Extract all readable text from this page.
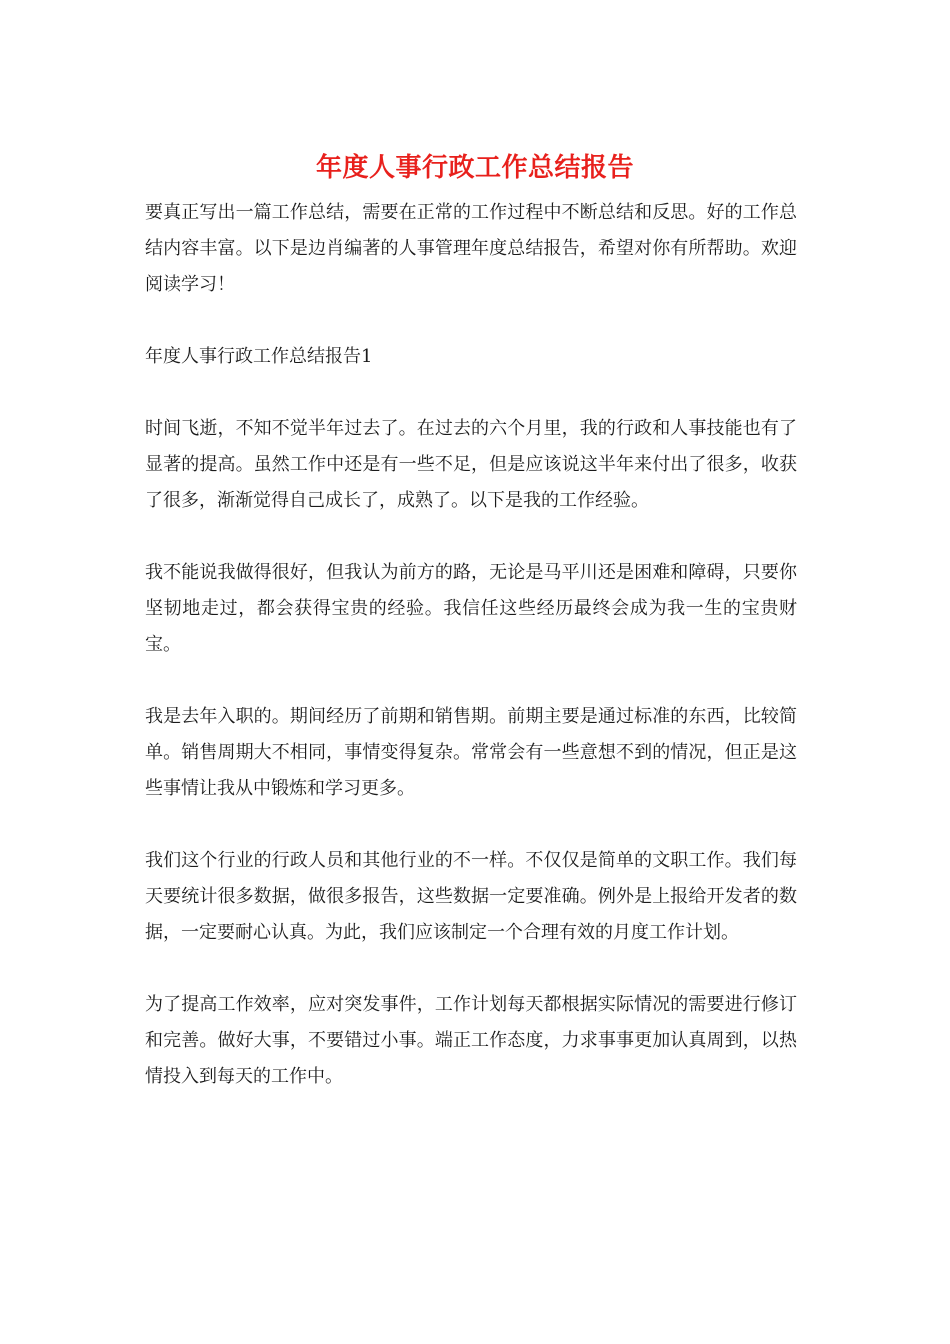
年度人事行政工作总结报告

要真正写出一篇工作总结，需要在正常的工作过程中不断总结和反思。好的工作总结内容丰富。以下是边肖编著的人事管理年度总结报告，希望对你有所帮助。欢迎阅读学习！

年度人事行政工作总结报告1

时间飞逝，不知不觉半年过去了。在过去的六个月里，我的行政和人事技能也有了显著的提高。虽然工作中还是有一些不足，但是应该说这半年来付出了很多，收获了很多，渐渐觉得自己成长了，成熟了。以下是我的工作经验。

我不能说我做得很好，但我认为前方的路，无论是马平川还是困难和障碍，只要你坚韧地走过，都会获得宝贵的经验。我信任这些经历最终会成为我一生的宝贵财宝。

我是去年入职的。期间经历了前期和销售期。前期主要是通过标准的东西，比较简单。销售周期大不相同，事情变得复杂。常常会有一些意想不到的情况，但正是这些事情让我从中锻炼和学习更多。

我们这个行业的行政人员和其他行业的不一样。不仅仅是简单的文职工作。我们每天要统计很多数据，做很多报告，这些数据一定要准确。例外是上报给开发者的数据，一定要耐心认真。为此，我们应该制定一个合理有效的月度工作计划。

为了提高工作效率，应对突发事件，工作计划每天都根据实际情况的需要进行修订和完善。做好大事，不要错过小事。端正工作态度，力求事事更加认真周到，以热情投入到每天的工作中。
